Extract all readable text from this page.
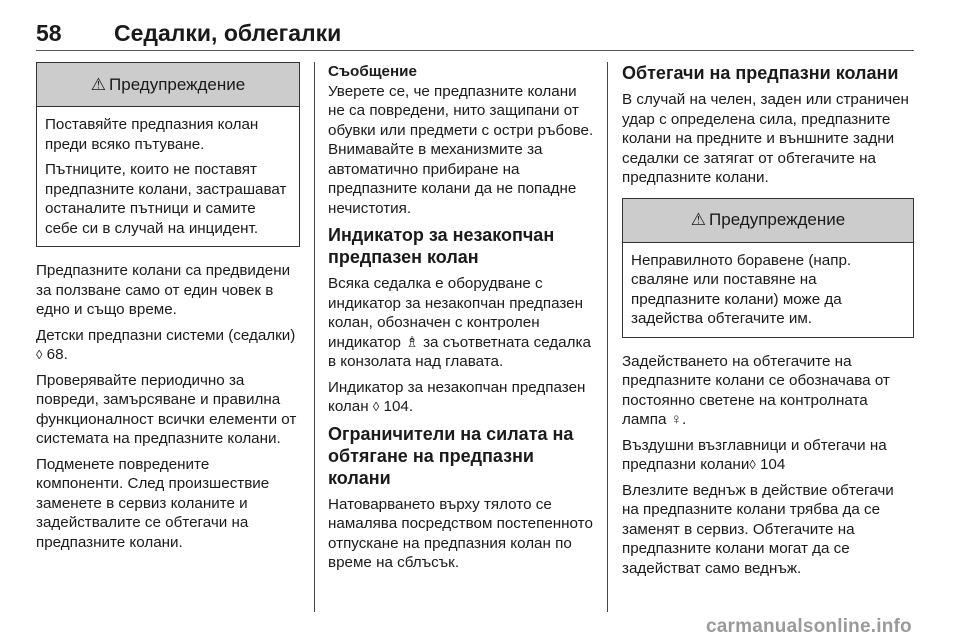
58 Седалки, облегалки
⚠ Предупреждение

Поставяйте предпазния колан преди всяко пътуване.

Пътниците, които не поставят предпазните колани, застрашават останалите пътници и самите себе си в случай на инцидент.

Предпазните колани са предвидени за ползване само от един човек в едно и също време.

Детски предпазни системи (седалки) ◊ 68.

Проверявайте периодично за повреди, замърсяване и правилна функционалност всички елементи от системата на предпазните колани.

Подменете повредените компоненти. След произшествие заменете в сервиз коланите и задействалите се обтегачи на предпазните колани.

Съобщение

Уверете се, че предпазните колани не са повредени, нито защипани от обувки или предмети с остри ръбове. Внимавайте в механизмите за автоматично прибиране на предпазните колани да не попадне нечистотия.

Индикатор за незакопчан предпазен колан

Всяка седалка е оборудване с индикатор за незакопчан предпазен колан, обозначен с контролен индикатор ♗ за съответната седалка в конзолата над главата.

Индикатор за незакопчан предпазен колан ◊ 104.

Ограничители на силата на обтягане на предпазни колани

Натоварването върху тялото се намалява посредством постепенното отпускане на предпазния колан по време на сблъсък.

Обтегачи на предпазни колани

В случай на челен, заден или страничен удар с определена сила, предпазните колани на предните и външните задни седалки се затягат от обтегачите на предпазните колани.

⚠ Предупреждение

Неправилното боравене (напр. сваляне или поставяне на предпазните колани) може да задейства обтегачите им.

Задействането на обтегачите на предпазните колани се обозначава от постоянно светене на контролната лампа ♀.

Въздушни възглавници и обтегачи на предпазни колани◊ 104

Влезлите веднъж в действие обтегачи на предпазните колани трябва да се заменят в сервиз. Обтегачите на предпазните колани могат да се задействат само веднъж.

carmanualsonline.info
